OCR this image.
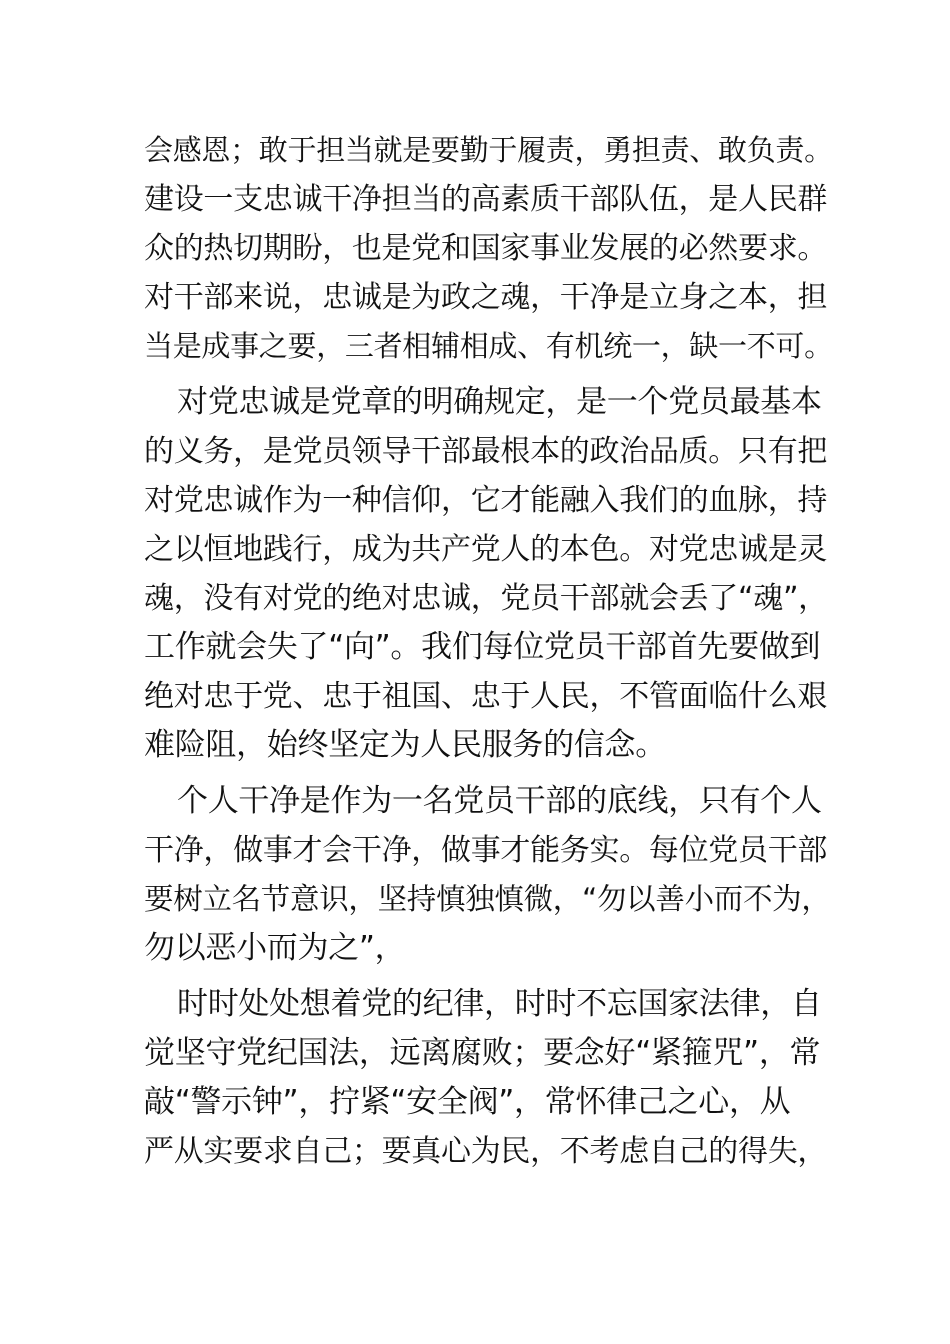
会感恩；敢于担当就是要勤于履责，勇担责、敢负责。
建设一支忠诚干净担当的高素质干部队伍，是人民群
众的热切期盼，也是党和国家事业发展的必然要求。
对干部来说，忠诚是为政之魂，干净是立身之本，担
当是成事之要，三者相辅相成、有机统一，缺一不可。
对党忠诚是党章的明确规定，是一个党员最基本
的义务，是党员领导干部最根本的政治品质。只有把
对党忠诚作为一种信仰，它才能融入我们的血脉，持
之以恒地践行，成为共产党人的本色。对党忠诚是灵
魂，没有对党的绝对忠诚，党员干部就会丢了“魂”，
工作就会失了“向”。我们每位党员干部首先要做到
绝对忠于党、忠于祖国、忠于人民，不管面临什么艰
难险阻，始终坚定为人民服务的信念。
个人干净是作为一名党员干部的底线，只有个人
干净，做事才会干净，做事才能务实。每位党员干部
要树立名节意识，坚持慎独慎微，“勿以善小而不为，
勿以恶小而为之”，
时时处处想着党的纪律，时时不忘国家法律，自
觉坚守党纪国法，远离腐败；要念好“紧箍咒”，常
敲“警示钟”，拧紧“安全阀”，常怀律己之心，从
严从实要求自己；要真心为民，不考虑自己的得失，
